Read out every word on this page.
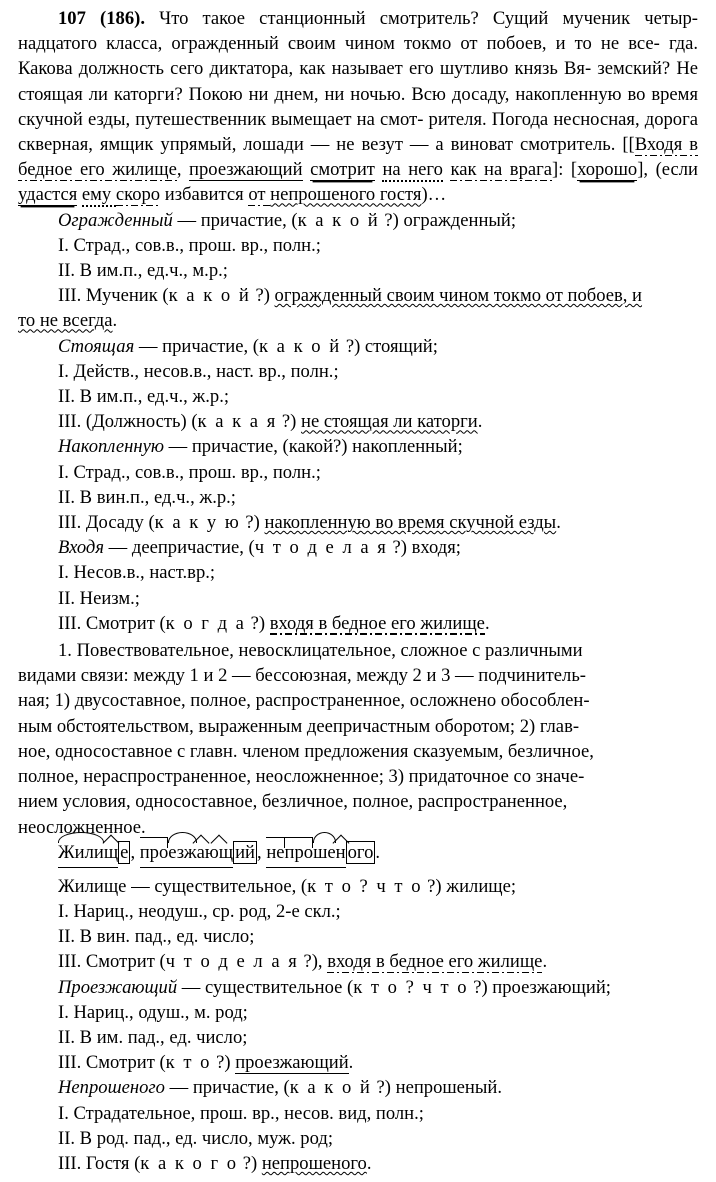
107 (186). Что такое станционный смотритель? Сущий мученик четыр- надцатого класса, огражденный своим чином токмо от побоев, и то не все- гда. Какова должность сего диктатора, как называет его шутливо князь Вя- земский? Не стоящая ли каторги? Покою ни днем, ни ночью. Всю досаду, накопленную во время скучной езды, путешественник вымещает на смот- рителя. Погода несносная, дорога скверная, ямщик упрямый, лошади — не везут — а виноват смотритель. [[Входя в бедное его жилище, проезжающий смотрит на него как на врага]: [хорошо], (если удастся ему скоро избавится от непрошеного гостя)…
Огражденный — причастие, (к а к о й ?) огражденный;
I. Страд., сов.в., прош. вр., полн.;
II. В им.п., ед.ч., м.р.;
III. Мученик (к а к о й ?) огражденный своим чином токмо от побоев, и
то не всегда.
Стоящая — причастие, (к а к о й ?) стоящий;
I. Действ., несов.в., наст. вр., полн.;
II. В им.п., ед.ч., ж.р.;
III. (Должность) (к а к а я ?) не стоящая ли каторги.
Накопленную — причастие, (какой?) накопленный;
I. Страд., сов.в., прош. вр., полн.;
II. В вин.п., ед.ч., ж.р.;
III. Досаду (к а к у ю ?) накопленную во время скучной езды.
Входя — деепричастие, (ч т о д е л а я ?) входя;
I. Несов.в., наст.вр.;
II. Неизм.;
III. Смотрит (к о г д а ?) входя в бедное его жилище.
1. Повествовательное, невосклицательное, сложное с различными
видами связи: между 1 и 2 — бессоюзная, между 2 и 3 — подчинитель-
ная; 1) двусоставное, полное, распространенное, осложнено обособлен-
ным обстоятельством, выраженным деепричастным оборотом; 2) глав-
ное, односоставное с главн. членом предложения сказуемым, безличное,
полное, нераспространенное, неосложненное; 3) придаточное со значе-
нием условия, односоставное, безличное, полное, распространенное,
неосложненное.
Жилищ е , проезжающ ий , непрошен ого .
Жилище — существительное, (к т о ? ч т о ?) жилище;
I. Нариц., неодуш., ср. род, 2-е скл.;
II. В вин. пад., ед. число;
III. Смотрит (ч т о д е л а я ?), входя в бедное его жилище.
Проезжающий — существительное (к т о ? ч т о ?) проезжающий;
I. Нариц., одуш., м. род;
II. В им. пад., ед. число;
III. Смотрит (к т о ?) проезжающий.
Непрошеного — причастие, (к а к о й ?) непрошеный.
I. Страдательное, прош. вр., несов. вид, полн.;
II. В род. пад., ед. число, муж. род;
III. Гостя (к а к о г о ?) непрошеного.
